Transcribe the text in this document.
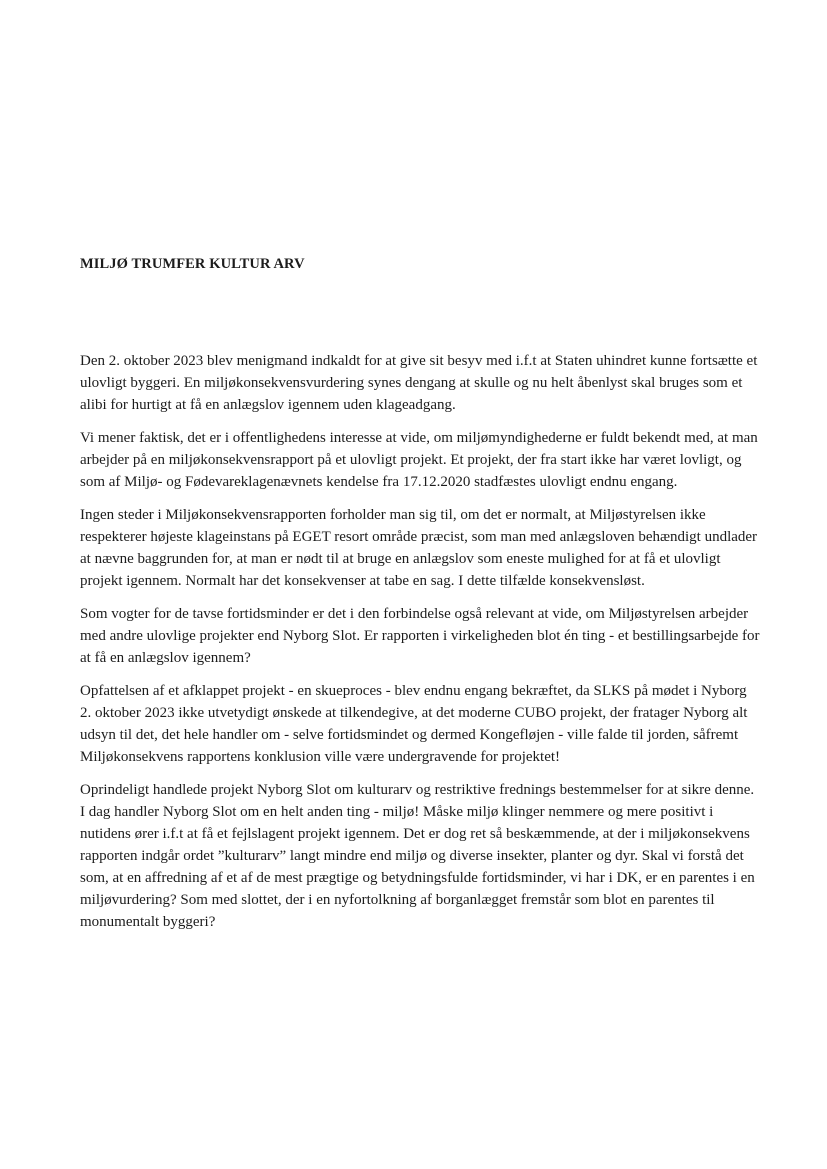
MILJØ TRUMFER KULTUR ARV

Den 2. oktober 2023 blev menigmand indkaldt for at give sit besyv med i.f.t at Staten uhindret kunne fortsætte et ulovligt byggeri. En miljøkonsekvensvurdering synes dengang at skulle og nu helt åbenlyst skal bruges som et alibi for hurtigt at få en anlægslov igennem uden klageadgang.

Vi mener faktisk, det er i offentlighedens interesse at vide, om miljømyndighederne er fuldt bekendt med, at man arbejder på en miljøkonsekvensrapport på et ulovligt projekt. Et projekt, der fra start ikke har været lovligt, og som af Miljø- og Fødevareklagenævnets kendelse fra 17.12.2020 stadfæstes ulovligt endnu engang.

Ingen steder i Miljøkonsekvensrapporten forholder man sig til, om det er normalt, at Miljøstyrelsen ikke respekterer højeste klageinstans på EGET resort område præcist, som man med anlægsloven behændigt undlader at nævne baggrunden for, at man er nødt til at bruge en anlægslov som eneste mulighed for at få et ulovligt projekt igennem. Normalt har det konsekvenser at tabe en sag. I dette tilfælde konsekvensløst.

Som vogter for de tavse fortidsminder er det i den forbindelse også relevant at vide, om Miljøstyrelsen arbejder med andre ulovlige projekter end Nyborg Slot. Er rapporten i virkeligheden blot én ting - et bestillingsarbejde for at få en anlægslov igennem?

Opfattelsen af et afklappet projekt - en skueproces - blev endnu engang bekræftet, da SLKS på mødet i Nyborg 2. oktober 2023 ikke utvetydigt ønskede at tilkendegive, at det moderne CUBO projekt, der fratager Nyborg alt udsyn til det, det hele handler om - selve fortidsmindet og dermed Kongefløjen - ville falde til jorden, såfremt Miljøkonsekvens rapportens konklusion ville være undergravende for projektet!

Oprindeligt handlede projekt Nyborg Slot om kulturarv og restriktive frednings bestemmelser for at sikre denne. I dag handler Nyborg Slot om en helt anden ting - miljø! Måske miljø klinger nemmere og mere positivt i nutidens ører i.f.t at få et fejlslagent projekt igennem. Det er dog ret så beskæmmende, at der i miljøkonsekvens rapporten indgår ordet ”kulturarv” langt mindre end miljø og diverse insekter, planter og dyr. Skal vi forstå det som, at en affredning af et af de mest prægtige og betydningsfulde fortidsminder, vi har i DK, er en parentes i en miljøvurdering? Som med slottet, der i en nyfortolkning af borganlægget fremstår som blot en parentes til monumentalt byggeri?
